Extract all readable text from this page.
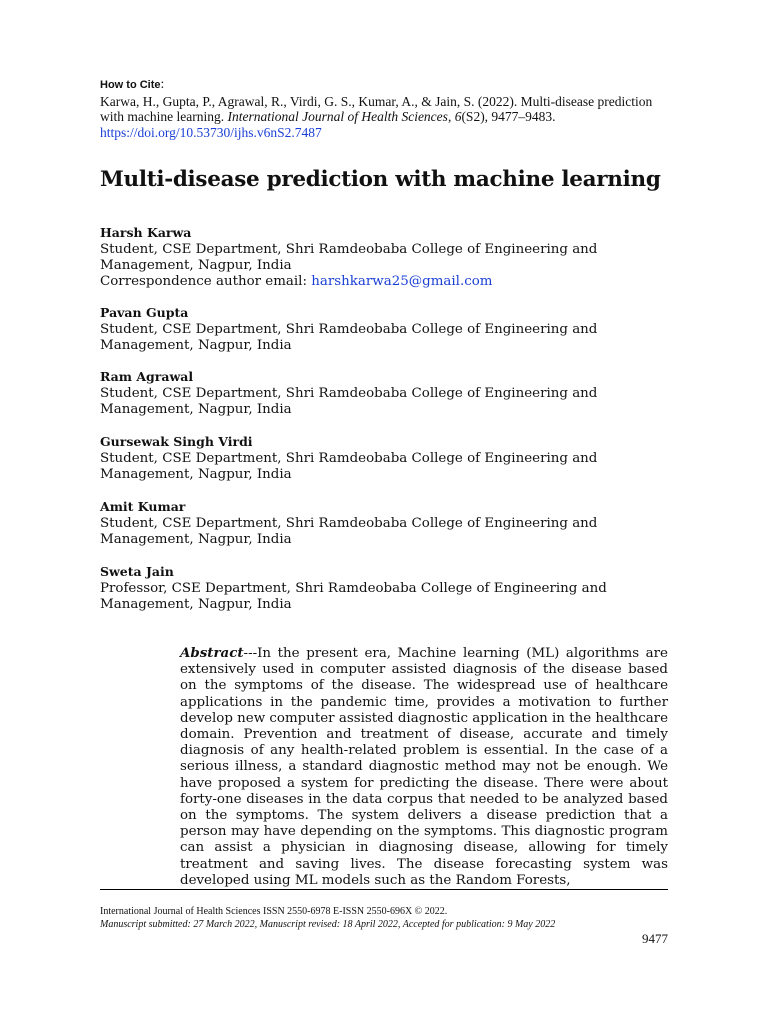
How to Cite:
Karwa, H., Gupta, P., Agrawal, R., Virdi, G. S., Kumar, A., & Jain, S. (2022). Multi-disease prediction with machine learning. International Journal of Health Sciences, 6(S2), 9477–9483. https://doi.org/10.53730/ijhs.v6nS2.7487
Multi-disease prediction with machine learning
Harsh Karwa
Student, CSE Department, Shri Ramdeobaba College of Engineering and Management, Nagpur, India
Correspondence author email: harshkarwa25@gmail.com
Pavan Gupta
Student, CSE Department, Shri Ramdeobaba College of Engineering and Management, Nagpur, India
Ram Agrawal
Student, CSE Department, Shri Ramdeobaba College of Engineering and Management, Nagpur, India
Gursewak Singh Virdi
Student, CSE Department, Shri Ramdeobaba College of Engineering and Management, Nagpur, India
Amit Kumar
Student, CSE Department, Shri Ramdeobaba College of Engineering and Management, Nagpur, India
Sweta Jain
Professor, CSE Department, Shri Ramdeobaba College of Engineering and Management, Nagpur, India
Abstract---In the present era, Machine learning (ML) algorithms are extensively used in computer assisted diagnosis of the disease based on the symptoms of the disease. The widespread use of healthcare applications in the pandemic time, provides a motivation to further develop new computer assisted diagnostic application in the healthcare domain. Prevention and treatment of disease, accurate and timely diagnosis of any health-related problem is essential. In the case of a serious illness, a standard diagnostic method may not be enough. We have proposed a system for predicting the disease. There were about forty-one diseases in the data corpus that needed to be analyzed based on the symptoms. The system delivers a disease prediction that a person may have depending on the symptoms. This diagnostic program can assist a physician in diagnosing disease, allowing for timely treatment and saving lives. The disease forecasting system was developed using ML models such as the Random Forests,
International Journal of Health Sciences ISSN 2550-6978 E-ISSN 2550-696X © 2022.
Manuscript submitted: 27 March 2022, Manuscript revised: 18 April 2022, Accepted for publication: 9 May 2022
9477
